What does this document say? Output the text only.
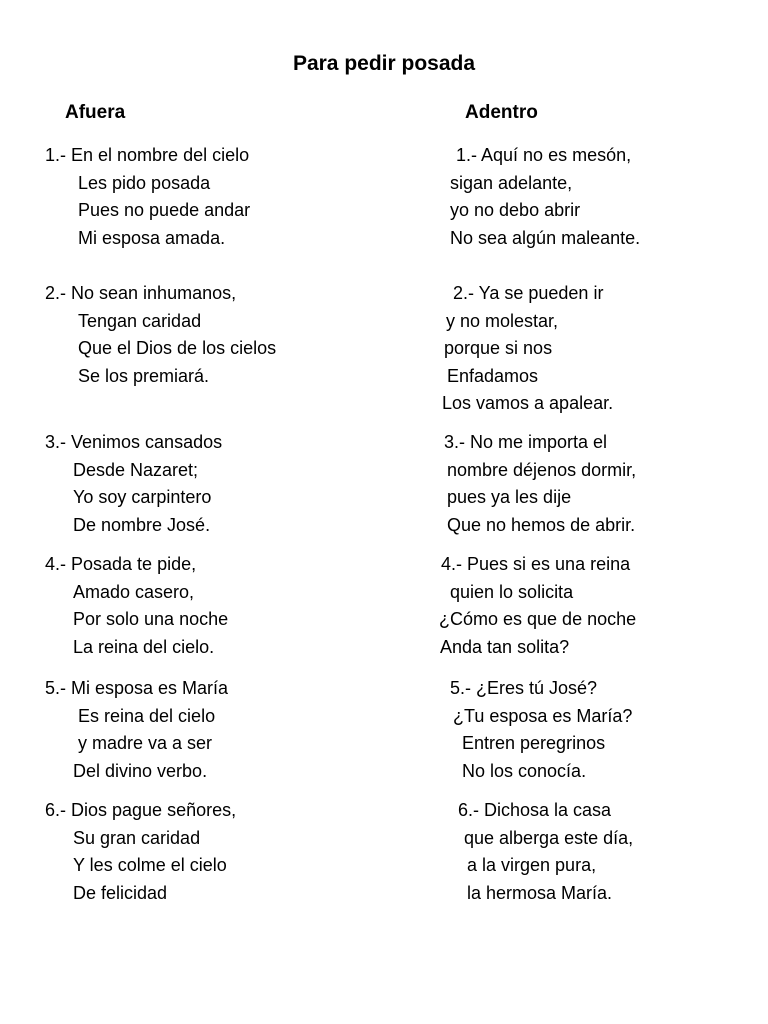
Para pedir posada
Afuera	Adentro
1.- En el nombre del cielo
Les pido posada
Pues no puede andar
Mi esposa amada.
2.- No sean inhumanos,
Tengan caridad
Que el Dios de los cielos
Se los premiará.
3.- Venimos cansados
Desde Nazaret;
Yo soy carpintero
De nombre José.
4.- Posada te pide,
Amado casero,
Por solo una noche
La reina del cielo.
5.- Mi esposa es María
Es reina del cielo
y madre va a ser
Del divino verbo.
6.- Dios pague señores,
Su gran caridad
Y les colme el cielo
De felicidad
1.- Aquí no es mesón,
sigan adelante,
yo no debo abrir
No sea algún maleante.
2.- Ya se pueden ir
y no molestar,
porque si nos
Enfadamos
Los vamos a apalear.
3.- No me importa el
nombre déjenos dormir,
pues ya les dije
Que no hemos de abrir.
4.- Pues si es una reina
quien lo solicita
¿Cómo es que de noche
Anda tan solita?
5.- ¿Eres tú José?
¿Tu esposa es María?
Entren peregrinos
No los conocía.
6.- Dichosa la casa
que alberga este día,
a la virgen pura,
la hermosa María.
